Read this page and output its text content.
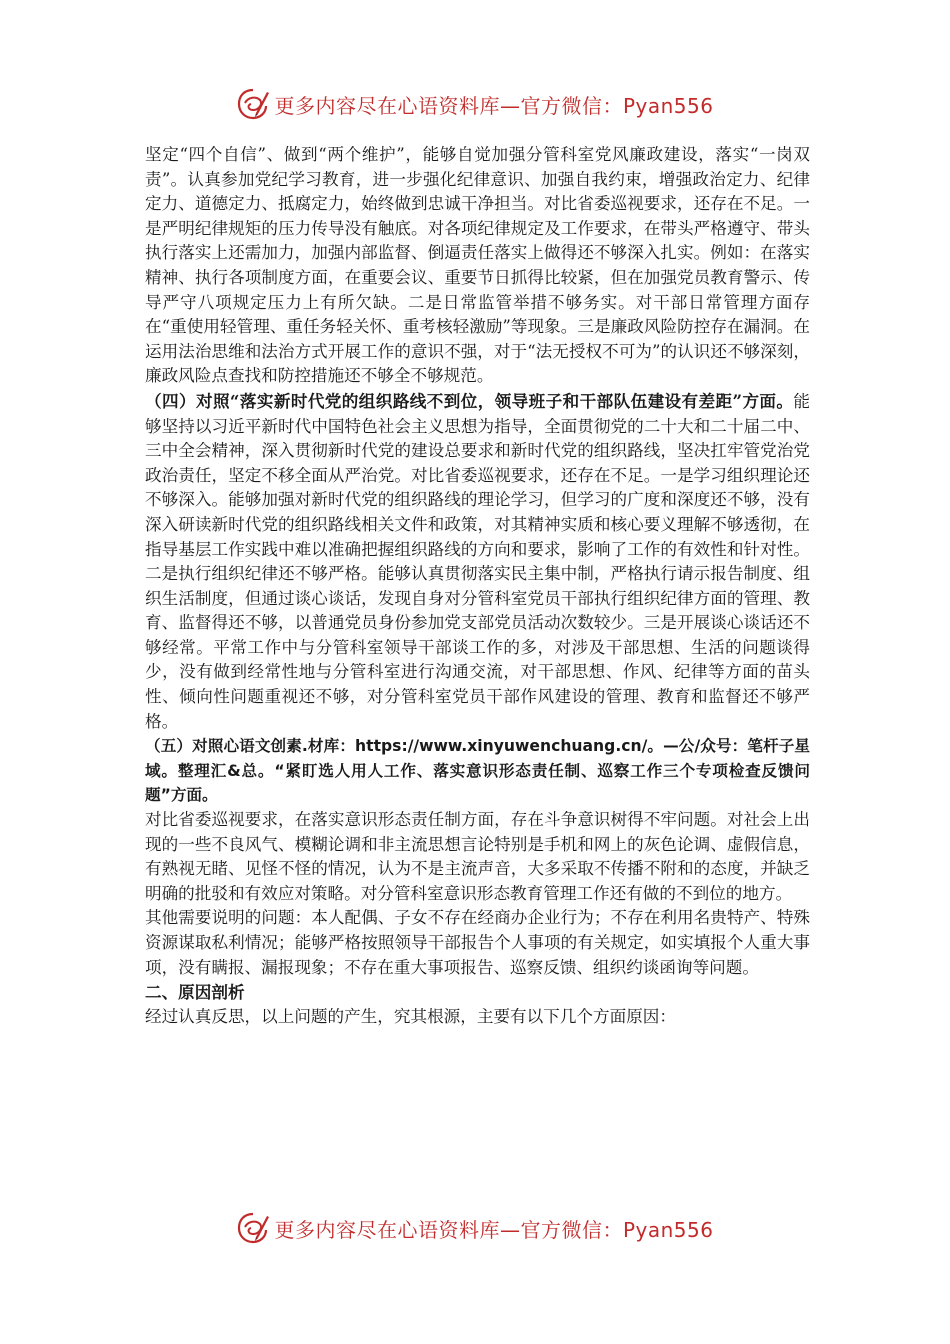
更多内容尽在心语资料库—官方微信：Pyan556

坚定“四个自信”、做到“两个维护”，能够自觉加强分管科室党风廉政建设，落实“一岗双责”。认真参加党纪学习教育，进一步强化纪律意识、加强自我约束，增强政治定力、纪律定力、道德定力、抵腐定力，始终做到忠诚干净担当。对比省委巡视要求，还存在不足。一是严明纪律规矩的压力传导没有触底。对各项纪律规定及工作要求，在带头严格遵守、带头执行落实上还需加力，加强内部监督、倒逼责任落实上做得还不够深入扎实。例如：在落实精神、执行各项制度方面，在重要会议、重要节日抓得比较紧，但在加强党员教育警示、传导严守八项规定压力上有所欠缺。二是日常监管举措不够务实。对干部日常管理方面存在“重使用轻管理、重任务轻关怀、重考核轻激励”等现象。三是廉政风险防控存在漏洞。在运用法治思维和法治方式开展工作的意识不强，对于“法无授权不可为”的认识还不够深刻，廉政风险点查找和防控措施还不够全不够规范。

（四）对照“落实新时代党的组织路线不到位，领导班子和干部队伍建设有差距”方面。能够坚持以习近平新时代中国特色社会主义思想为指导，全面贯彻党的二十大和二十届二中、三中全会精神，深入贯彻新时代党的建设总要求和新时代党的组织路线，坚决扛牢管党治党政治责任，坚定不移全面从严治党。对比省委巡视要求，还存在不足。一是学习组织理论还不够深入。能够加强对新时代党的组织路线的理论学习，但学习的广度和深度还不够，没有深入研读新时代党的组织路线相关文件和政策，对其精神实质和核心要义理解不够透彻，在指导基层工作实践中难以准确把握组织路线的方向和要求，影响了工作的有效性和针对性。二是执行组织纪律还不够严格。能够认真贯彻落实民主集中制，严格执行请示报告制度、组织生活制度，但通过谈心谈话，发现自身对分管科室党员干部执行组织纪律方面的管理、教育、监督得还不够，以普通党员身份参加党支部党员活动次数较少。三是开展谈心谈话还不够经常。平常工作中与分管科室领导干部谈工作的多，对涉及干部思想、生活的问题谈得少，没有做到经常性地与分管科室进行沟通交流，对干部思想、作风、纪律等方面的苗头性、倾向性问题重视还不够，对分管科室党员干部作风建设的管理、教育和监督还不够严格。

（五）对照心语文创素.材库：https://www.xinyuwenchuang.cn/。—公/众号：笔杆子星域。整理汇&总。“紧盯选人用人工作、落实意识形态责任制、巡察工作三个专项检查反馈问题”方面。

对比省委巡视要求，在落实意识形态责任制方面，存在斗争意识树得不牢问题。对社会上出现的一些不良风气、模糊论调和非主流思想言论特别是手机和网上的灰色论调、虚假信息，有熟视无睹、见怪不怪的情况，认为不是主流声音，大多采取不传播不附和的态度，并缺乏明确的批驳和有效应对策略。对分管科室意识形态教育管理工作还有做的不到位的地方。

其他需要说明的问题：本人配偶、子女不存在经商办企业行为；不存在利用名贵特产、特殊资源谋取私利情况；能够严格按照领导干部报告个人事项的有关规定，如实填报个人重大事项，没有瞒报、漏报现象；不存在重大事项报告、巡察反馈、组织约谈函询等问题。

二、原因剖析

经过认真反思，以上问题的产生，究其根源，主要有以下几个方面原因：

更多内容尽在心语资料库—官方微信：Pyan556
